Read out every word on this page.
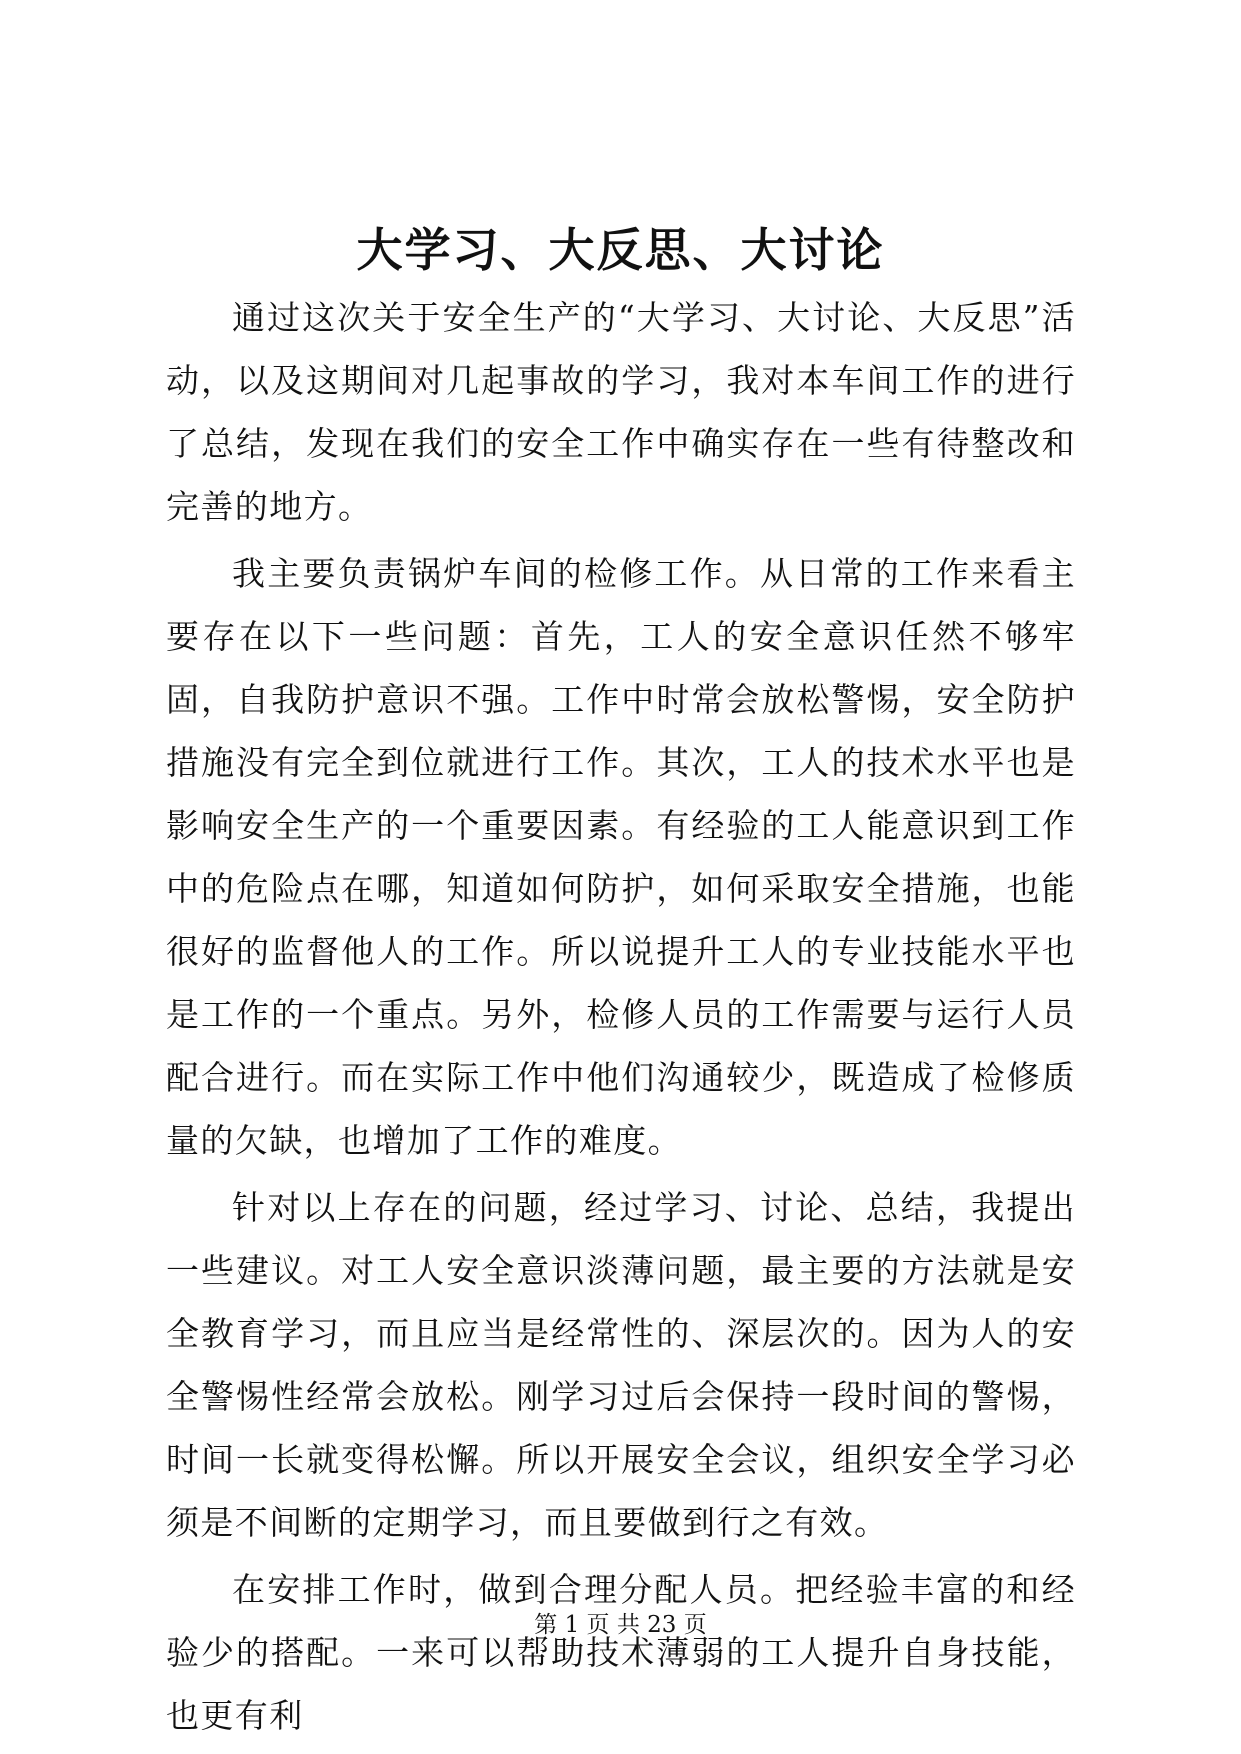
大学习、大反思、大讨论

通过这次关于安全生产的“大学习、大讨论、大反思”活动，以及这期间对几起事故的学习，我对本车间工作的进行了总结，发现在我们的安全工作中确实存在一些有待整改和完善的地方。

我主要负责锅炉车间的检修工作。从日常的工作来看主要存在以下一些问题：首先，工人的安全意识任然不够牢固，自我防护意识不强。工作中时常会放松警惕，安全防护措施没有完全到位就进行工作。其次，工人的技术水平也是影响安全生产的一个重要因素。有经验的工人能意识到工作中的危险点在哪，知道如何防护，如何采取安全措施，也能很好的监督他人的工作。所以说提升工人的专业技能水平也是工作的一个重点。另外，检修人员的工作需要与运行人员配合进行。而在实际工作中他们沟通较少，既造成了检修质量的欠缺，也增加了工作的难度。

针对以上存在的问题，经过学习、讨论、总结，我提出一些建议。对工人安全意识淡薄问题，最主要的方法就是安全教育学习，而且应当是经常性的、深层次的。因为人的安全警惕性经常会放松。刚学习过后会保持一段时间的警惕，时间一长就变得松懈。所以开展安全会议，组织安全学习必须是不间断的定期学习，而且要做到行之有效。

在安排工作时，做到合理分配人员。把经验丰富的和经验少的搭配。一来可以帮助技术薄弱的工人提升自身技能，也更有利

第 1 页 共 23 页
